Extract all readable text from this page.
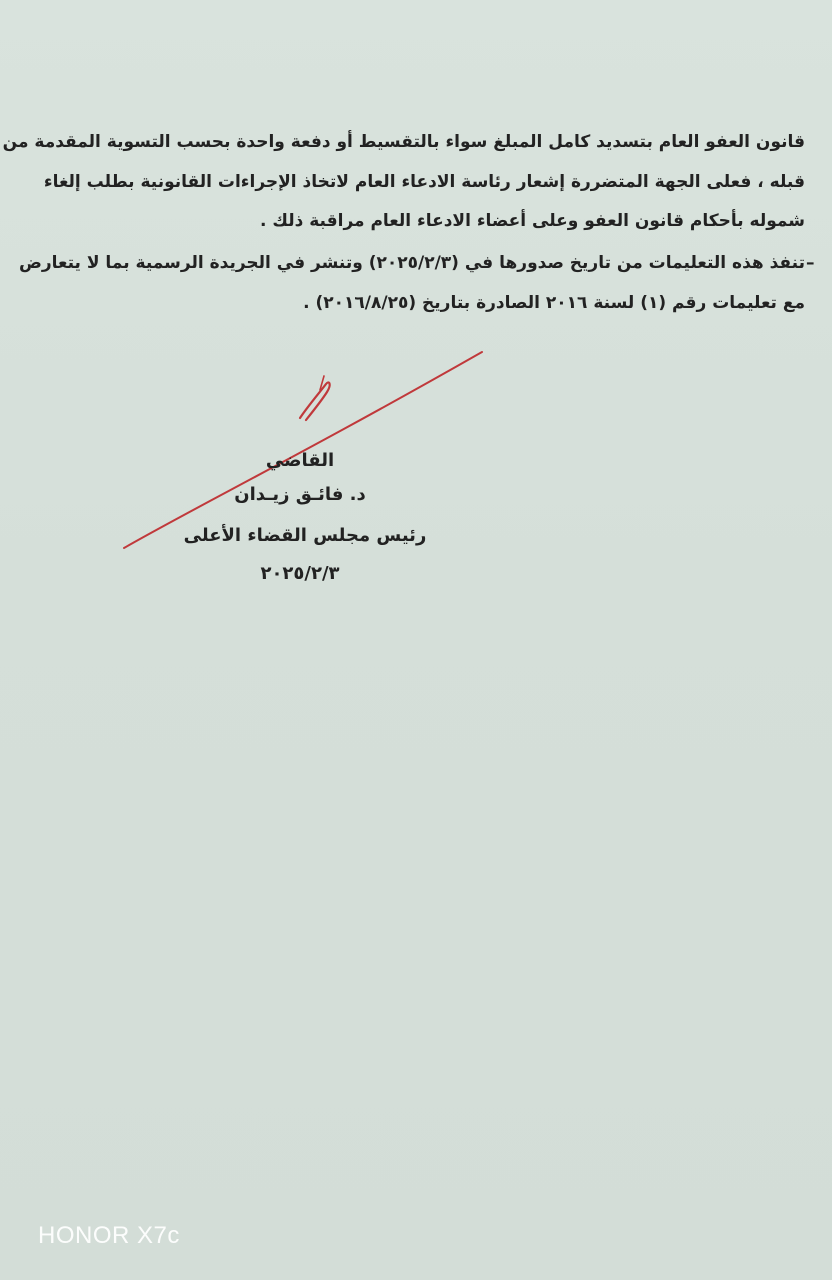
قانون العفو العام بتسديد كامل المبلغ سواء بالتقسيط أو دفعة واحدة بحسب التسوية المقدمة من
قبله ، فعلى الجهة المتضررة إشعار رئاسة الادعاء العام لاتخاذ الإجراءات القانونية بطلب إلغاء
شموله بأحكام قانون العفو وعلى أعضاء الادعاء العام مراقبة ذلك .
تنفذ هذه التعليمات من تاريخ صدورها في (٢٠٢٥/٢/٣) وتنشر في الجريدة الرسمية بما لا يتعارض
مع تعليمات رقم (١) لسنة ٢٠١٦ الصادرة بتاريخ (٢٠١٦/٨/٢٥) .
–
القاضي
د. فائـق زيـدان
رئيس مجلس القضاء الأعلى
٢٠٢٥/٢/٣
HONOR X7c
